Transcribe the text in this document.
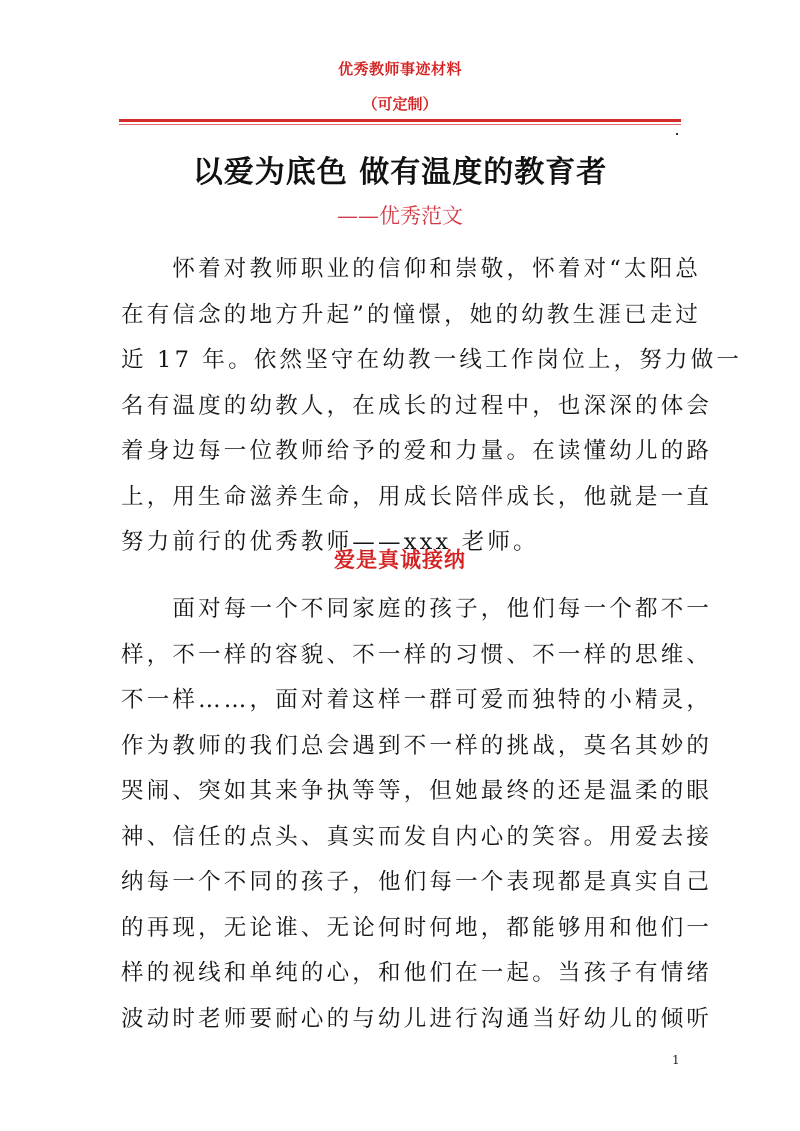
优秀教师事迹材料
（可定制）
以爱为底色 做有温度的教育者
——优秀范文
　　怀着对教师职业的信仰和崇敬，怀着对“太阳总
在有信念的地方升起”的憧憬，她的幼教生涯已走过
近 17 年。依然坚守在幼教一线工作岗位上，努力做一
名有温度的幼教人，在成长的过程中，也深深的体会
着身边每一位教师给予的爱和力量。在读懂幼儿的路
上，用生命滋养生命，用成长陪伴成长，他就是一直
努力前行的优秀教师——xxx 老师。
爱是真诚接纳
　　面对每一个不同家庭的孩子，他们每一个都不一
样，不一样的容貌、不一样的习惯、不一样的思维、
不一样……，面对着这样一群可爱而独特的小精灵，
作为教师的我们总会遇到不一样的挑战，莫名其妙的
哭闹、突如其来争执等等，但她最终的还是温柔的眼
神、信任的点头、真实而发自内心的笑容。用爱去接
纳每一个不同的孩子，他们每一个表现都是真实自己
的再现，无论谁、无论何时何地，都能够用和他们一
样的视线和单纯的心，和他们在一起。当孩子有情绪
波动时老师要耐心的与幼儿进行沟通当好幼儿的倾听
1
